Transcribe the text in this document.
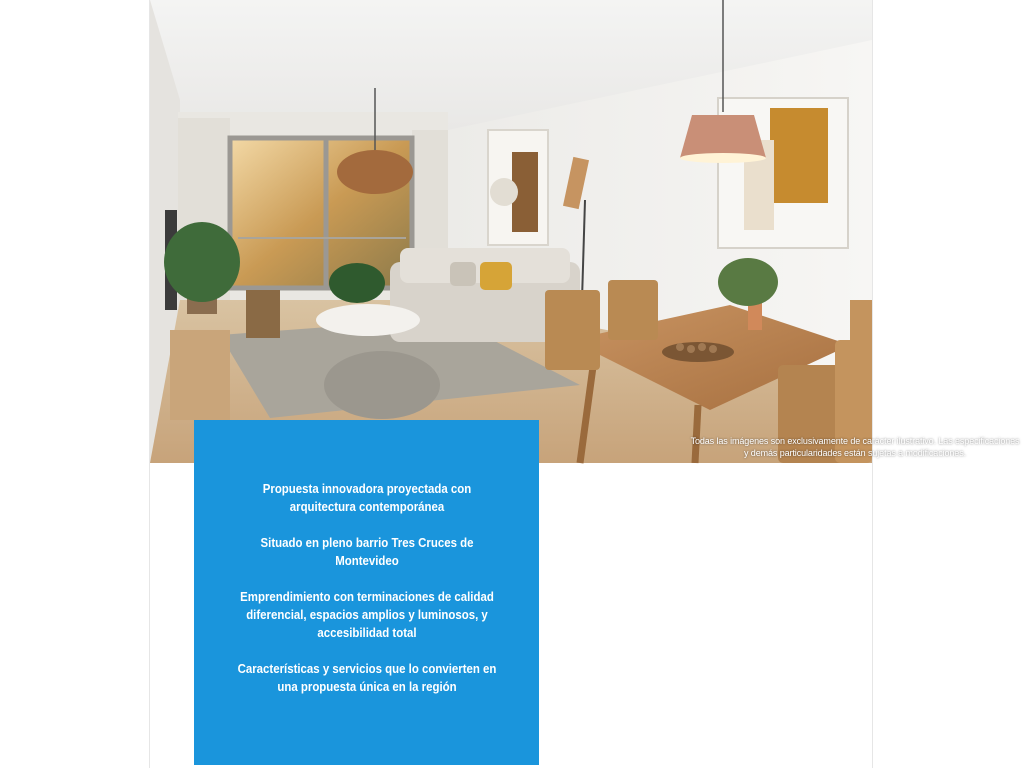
Todas las imágenes son exclusivamente de carácter ilustrativo. Las especificaciones y demás particularidades están sujetas a modificaciones.
Propuesta innovadora proyectada con arquitectura contemporánea
Situado en pleno barrio Tres Cruces de Montevideo
Emprendimiento con terminaciones de calidad diferencial, espacios amplios y luminosos, y accesibilidad total
Características y servicios que lo convierten en una propuesta única en la región
